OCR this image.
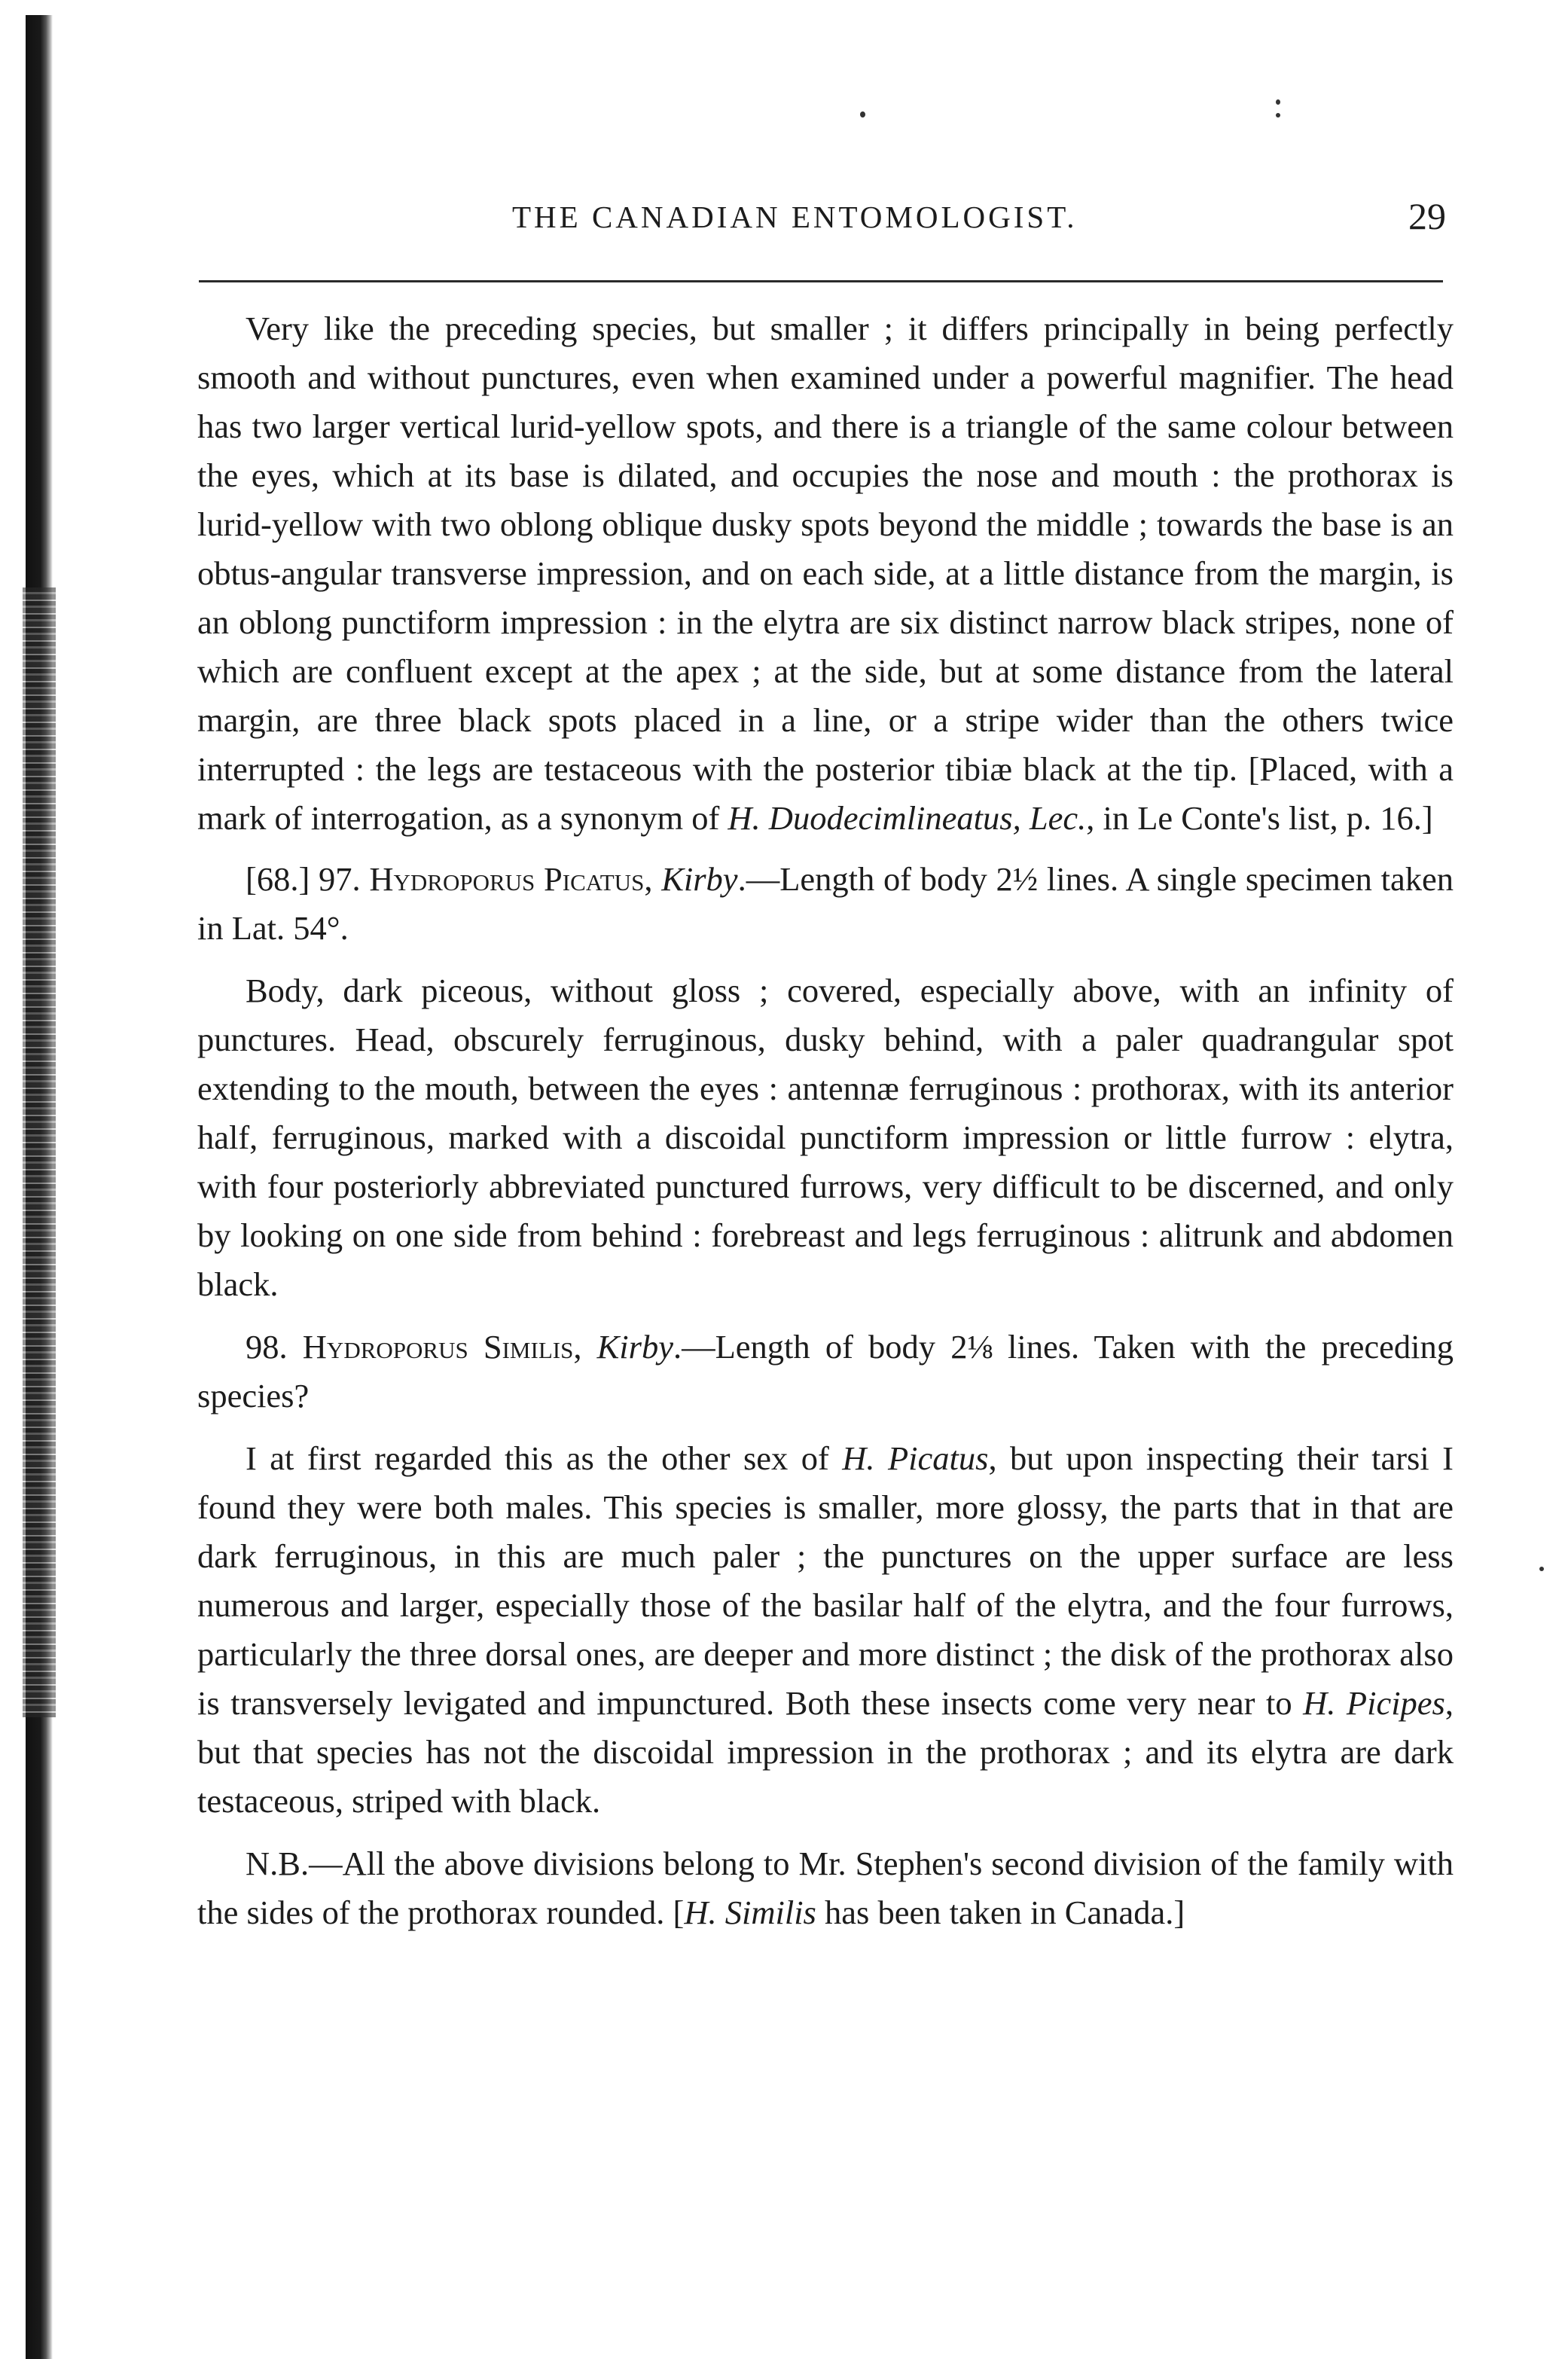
THE CANADIAN ENTOMOLOGIST.	29

Very like the preceding species, but smaller ; it differs principally in being perfectly smooth and without punctures, even when examined under a powerful magnifier. The head has two larger vertical lurid-yellow spots, and there is a triangle of the same colour between the eyes, which at its base is dilated, and occupies the nose and mouth : the prothorax is lurid-yellow with two oblong oblique dusky spots beyond the middle ; towards the base is an obtus-angular transverse impression, and on each side, at a little distance from the margin, is an oblong punctiform impression : in the elytra are six distinct narrow black stripes, none of which are confluent except at the apex ; at the side, but at some distance from the lateral margin, are three black spots placed in a line, or a stripe wider than the others twice interrupted : the legs are testaceous with the posterior tibiæ black at the tip. [Placed, with a mark of interrogation, as a synonym of H. Duodecimlineatus, Lec., in Le Conte's list, p. 16.]

[68.] 97. Hydroporus Picatus, Kirby.—Length of body 2½ lines. A single specimen taken in Lat. 54°.

Body, dark piceous, without gloss ; covered, especially above, with an infinity of punctures. Head, obscurely ferruginous, dusky behind, with a paler quadrangular spot extending to the mouth, between the eyes : antennæ ferruginous : prothorax, with its anterior half, ferruginous, marked with a discoidal punctiform impression or little furrow : elytra, with four posteriorly abbreviated punctured furrows, very difficult to be discerned, and only by looking on one side from behind : forebreast and legs ferruginous : alitrunk and abdomen black.

98. Hydroporus Similis, Kirby.—Length of body 2⅛ lines. Taken with the preceding species?

I at first regarded this as the other sex of H. Picatus, but upon inspecting their tarsi I found they were both males. This species is smaller, more glossy, the parts that in that are dark ferruginous, in this are much paler ; the punctures on the upper surface are less numerous and larger, especially those of the basilar half of the elytra, and the four furrows, particularly the three dorsal ones, are deeper and more distinct ; the disk of the prothorax also is transversely levigated and impunctured. Both these insects come very near to H. Picipes, but that species has not the discoidal impression in the prothorax ; and its elytra are dark testaceous, striped with black.

N.B.—All the above divisions belong to Mr. Stephen's second division of the family with the sides of the prothorax rounded. [H. Similis has been taken in Canada.]
